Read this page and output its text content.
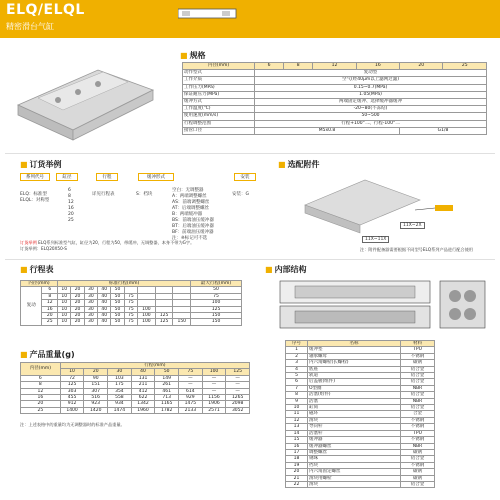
ELQ/ELQL
精密滑台气缸
■ 规格
内径(mm)	6	8	12	16	20	25
动作型式	复动型					
工作介质	空气(经40μm以上滤网过滤)					
工作压力(MPa)	0.15~0.7(MPa)					
保证耐压力(MPa)	1.05(MPa)					
缓冲方式	两端固定缓冲、选择缓冲器缓冲					
工作温度(℃)	-20~80(不冻结)					
使用速度(mm/s)	50~500					
行程调整范围	行程+100°二、行程-100°二					
接管口径	M5x0.8				G1/8	
■ 订货举例
系列代号	缸径	行程	缓冲形式	安装
ELQ：标准型
ELQL：对称型
6
8
12
16
20
25
详见行程表	S：档块
空白：无调整器
A：两端调整螺丝
AS：前端调整螺丝
AT：后端调整螺丝
B：两端缓冲器
BS：前端油压缓冲器
BT：后端油压缓冲器
BF：前端油压缓冲器
注：※标记可不选
安装：G
订货举例 ELQ系列标准型气缸，缸径为20，行程为50，带缓冲，无调整器，本身不带为G字。
订货举例：ELQ20X50-S
■ 选配附件
11X~2X
11X~11X
注：附件配备器需要根据不同型号ELQ系列产品进行配合使用
■ 行程表
内径(mm)		标准行程(mm)									最大行程(mm)
复动	6	10	20	30	40	50					50
	8	10	20	30	40	50	75				75
	12	10	20	30	40	50	75				100
	16	10	20	30	40	50	75	100			125
	20	10	20	30	40	50	75	100	125		150
	25	10	20	30	40	50	75	100	125	150	150
■ 产品重量(g)
内径(mm)	行程(mm)							
	10	20	30	40	50	75	100	125
6	72	90	103	131	149	—	—	—
8	125	151	175	211	261	—	—	—
12	303	307	354	412	461	614	—	—
16	455	516	558	622	713	929	1156	1265
20	912	923	934	1342	1165	1475	1906	2098
25	1400	1420	1474	1960	1782	2133	2571	3052
注：上述表格中的重量均为无调整器时的标准产品重量。
■ 内部结构
序号	名称	材料
1	缓冲垫	TPU
2	轴承螺母	不锈钢
3	内六角螺栓(长螺栓)	碳钢
4	底座	铝合金
5	轨道	铝合金
6	后盖板(组件)	铝合金
7	O型圈	NBR
8	活塞(组件)	铝合金
9	活塞	NBR
10	缸筒	铝合金
11	磁环	合金
12	滑块	不锈钢
13	导向杆	不锈钢
14	活塞杆	TPU
15	缓冲器	不锈钢
16	缓冲器螺丝	NBR
17	调整螺丝	碳钢
18	钢珠	铝合金
19	挡块	不锈钢
20	内六角固定螺丝	碳钢
21	滑块用螺栓	碳钢
22	滑块	铝合金
